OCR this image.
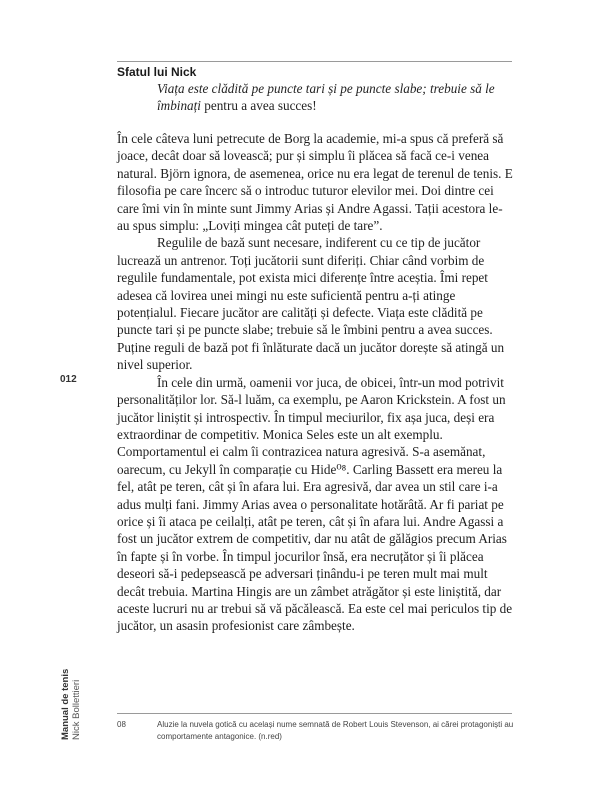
Sfatul lui Nick
Viața este clădită pe puncte tari și pe puncte slabe; trebuie să le îmbinați pentru a avea succes!

În cele câteva luni petrecute de Borg la academie, mi-a spus că preferă să joace, decât doar să lovească; pur și simplu îi plăcea să facă ce-i venea natural. Björn ignora, de asemenea, orice nu era legat de terenul de tenis. E filosofia pe care încerc să o introduc tuturor elevilor mei. Doi dintre cei care îmi vin în minte sunt Jimmy Arias și Andre Agassi. Tații acestora le-au spus simplu: „Loviți mingea cât puteți de tare”.

Regulile de bază sunt necesare, indiferent cu ce tip de jucător lucrează un antrenor. Toți jucătorii sunt diferiți. Chiar când vorbim de regulile fundamentale, pot exista mici diferențe între aceștia. Îmi repet adesea că lovirea unei mingi nu este suficientă pentru a-ți atinge potențialul. Fiecare jucător are calități și defecte. Viața este clădită pe puncte tari și pe puncte slabe; trebuie să le îmbini pentru a avea succes. Puține reguli de bază pot fi înlăturate dacă un jucător dorește să atingă un nivel superior.

În cele din urmă, oamenii vor juca, de obicei, într-un mod potrivit personalităților lor. Să-l luăm, ca exemplu, pe Aaron Krickstein. A fost un jucător liniștit și introspectiv. În timpul meciurilor, fix așa juca, deși era extraordinar de competitiv. Monica Seles este un alt exemplu. Comportamentul ei calm îi contrazicea natura agresivă. S-a asemănat, oarecum, cu Jekyll în comparație cu Hide⁰⁸. Carling Bassett era mereu la fel, atât pe teren, cât și în afara lui. Era agresivă, dar avea un stil care i-a adus mulți fani. Jimmy Arias avea o personalitate hotărâtă. Ar fi pariat pe orice și îi ataca pe ceilalți, atât pe teren, cât și în afara lui. Andre Agassi a fost un jucător extrem de competitiv, dar nu atât de gălăgios precum Arias în fapte și în vorbe. În timpul jocurilor însă, era necruțător și îi plăcea deseori să-i pedepsească pe adversari ținându-i pe teren mult mai mult decât trebuia. Martina Hingis are un zâmbet atrăgător și este liniștită, dar aceste lucruri nu ar trebui să vă păcălească. Ea este cel mai periculos tip de jucător, un asasin profesionist care zâmbește.

012
08	Aluzie la nuvela gotică cu același nume semnată de Robert Louis Stevenson, ai cărei protagoniști au comportamente antagonice. (n.red)
Manual de tenis Nick Bollettieri
